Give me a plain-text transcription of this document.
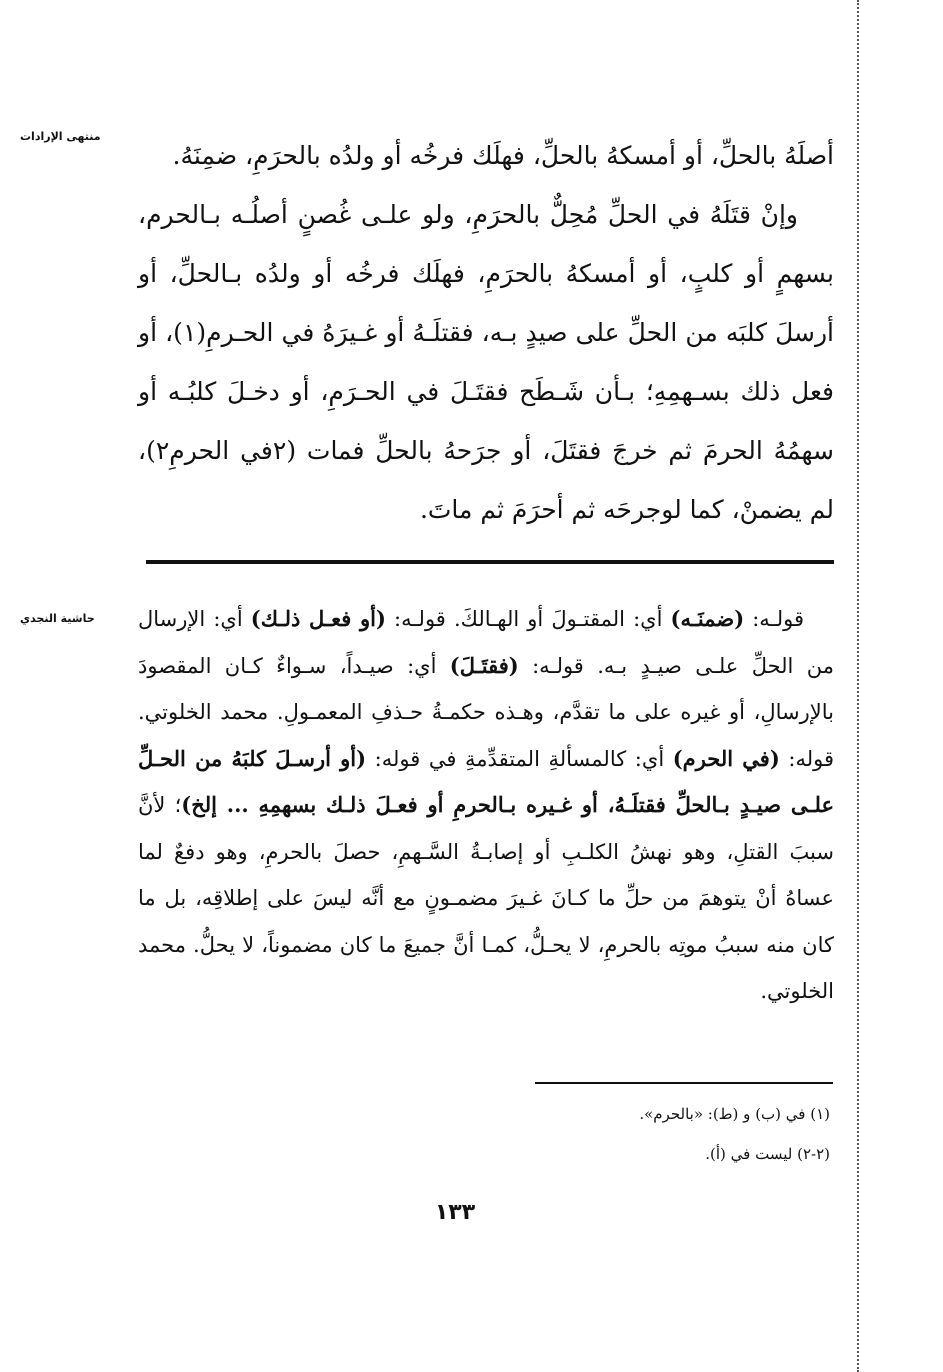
منتهى الإرادات

أصلَهُ بالحلِّ، أو أمسكهُ بالحلِّ، فهلَك فرخُه أو ولدُه بالحرَمِ، ضمِنَهُ.

وإنْ قتَلَهُ في الحلِّ مُحِلٌّ بالحرَمِ، ولو علـى غُصنٍ أصلُـه بـالحرم، بسهمٍ أو كلبٍ، أو أمسكهُ بالحرَمِ، فهلَك فرخُه أو ولدُه بـالحلِّ، أو أرسلَ كلبَه من الحلِّ على صيدٍ بـه، فقتلَـهُ أو غـيرَهُ في الحـرمِ(١)، أو فعل ذلك بسـهمِهِ؛ بـأن شَـطَح فقتَـلَ في الحـرَمِ، أو دخـلَ كلبُـه أو سهمُهُ الحرمَ ثم خرجَ فقتَلَ، أو جرَحهُ بالحلِّ فمات (٢في الحرمِ٢)، لم يضمنْ، كما لوجرحَه ثم أحرَمَ ثم ماتَ.

حاشية النجدي	قولـه: (ضمنَـه) أي: المقتـولَ أو الهـالكَ. قولـه: (أو فعـل ذلـك) أي: الإرسال من الحلِّ علـى صيـدٍ بـه. قولـه: (فقتَـلَ) أي: صيـداً، سـواءٌ كـان المقصودَ بالإرسالِ، أو غيره على ما تقدَّم، وهـذه حكمـةُ حـذفِ المعمـولِ. محمد الخلوتي. قوله: (في الحرم) أي: كالمسألةِ المتقدِّمةِ في قوله: (أو أرسـلَ كلبَهُ من الحـلِّ علـى صيـدٍ بـالحلِّ فقتلَـهُ، أو غـيره بـالحرمِ أو فعـلَ ذلـك بسهمِهِ ... إلخ)؛ لأنَّ سببَ القتلِ، وهو نهشُ الكلـبِ أو إصابـةُ السَّـهمِ، حصلَ بالحرمِ، وهو دفعٌ لما عساهُ أنْ يتوهمَ من حلِّ ما كـانَ غـيرَ مضمـونٍ مع أنَّه ليسَ على إطلاقِه، بل ما كان منه سببُ موتِه بالحرمِ، لا يحـلُّ، كمـا أنَّ جميعَ ما كان مضموناً، لا يحلُّ. محمد الخلوتي.
(١) في (ب) و (ط): «بالحرم».
(٢-٢) ليست في (أ).
١٣٣
